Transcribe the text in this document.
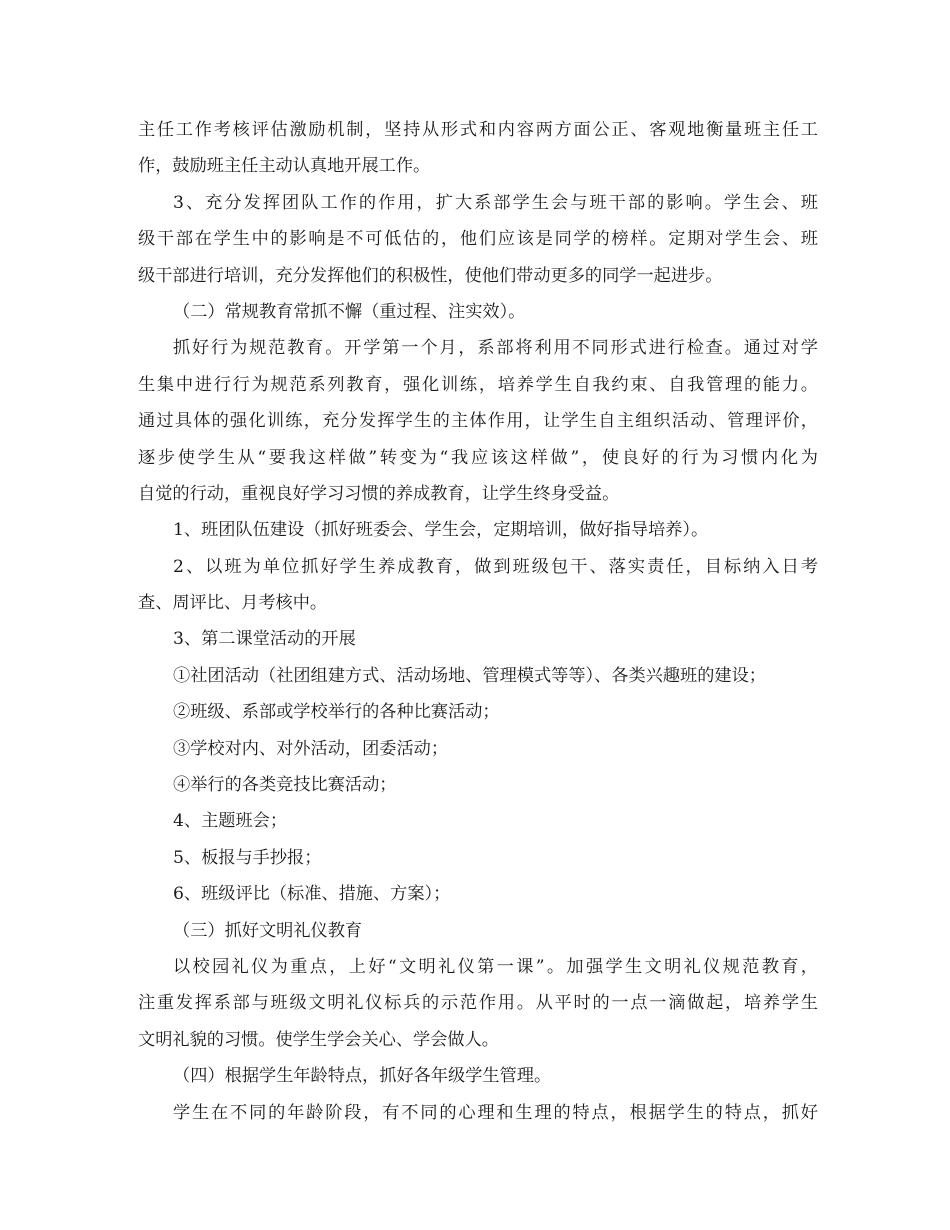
主任工作考核评估激励机制，坚持从形式和内容两方面公正、客观地衡量班主任工
作，鼓励班主任主动认真地开展工作。
3、充分发挥团队工作的作用，扩大系部学生会与班干部的影响。学生会、班
级干部在学生中的影响是不可低估的，他们应该是同学的榜样。定期对学生会、班
级干部进行培训，充分发挥他们的积极性，使他们带动更多的同学一起进步。
（二）常规教育常抓不懈（重过程、注实效）。
抓好行为规范教育。开学第一个月，系部将利用不同形式进行检查。通过对学
生集中进行行为规范系列教育，强化训练，培养学生自我约束、自我管理的能力。
通过具体的强化训练，充分发挥学生的主体作用，让学生自主组织活动、管理评价，
逐步使学生从“要我这样做”转变为“我应该这样做”，使良好的行为习惯内化为
自觉的行动，重视良好学习习惯的养成教育，让学生终身受益。
1、班团队伍建设（抓好班委会、学生会，定期培训，做好指导培养）。
2、以班为单位抓好学生养成教育，做到班级包干、落实责任，目标纳入日考
查、周评比、月考核中。
3、第二课堂活动的开展
①社团活动（社团组建方式、活动场地、管理模式等等）、各类兴趣班的建设；
②班级、系部或学校举行的各种比赛活动；
③学校对内、对外活动，团委活动；
④举行的各类竞技比赛活动；
4、主题班会；
5、板报与手抄报；
6、班级评比（标准、措施、方案）；
（三）抓好文明礼仪教育
以校园礼仪为重点，上好“文明礼仪第一课”。加强学生文明礼仪规范教育，
注重发挥系部与班级文明礼仪标兵的示范作用。从平时的一点一滴做起，培养学生
文明礼貌的习惯。使学生学会关心、学会做人。
（四）根据学生年龄特点，抓好各年级学生管理。
学生在不同的年龄阶段，有不同的心理和生理的特点，根据学生的特点，抓好
